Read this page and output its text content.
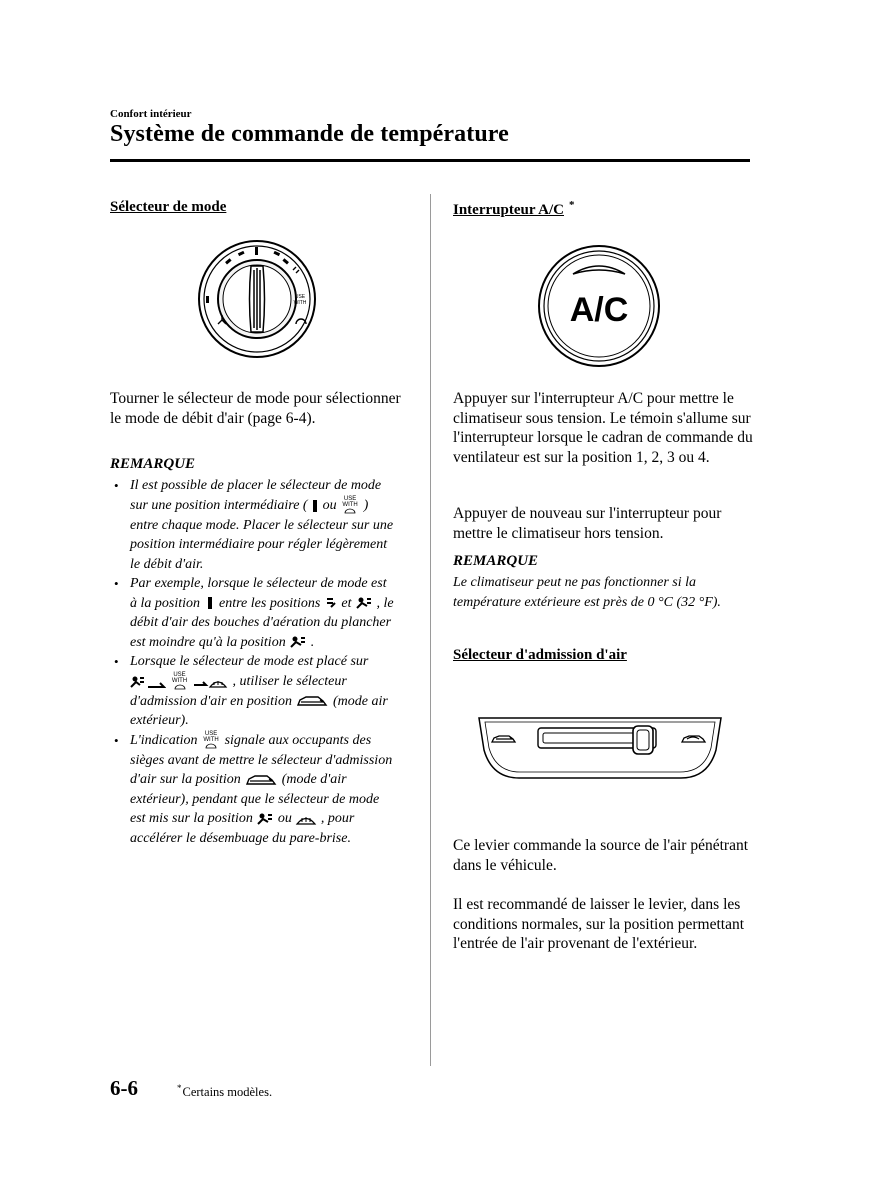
Confort intérieur
Système de commande de température
Sélecteur de mode
USE
WITH
Tourner le sélecteur de mode pour sélectionner le mode de débit d'air (page 6-4).
REMARQUE
• Il est possible de placer le sélecteur de mode sur une position intermédiaire ( ou	USE
WITH ) entre chaque mode. Placer le sélecteur sur une position intermédiaire pour régler légèrement le débit d'air.
• Par exemple, lorsque le sélecteur de mode est à la position entre les positions et , le débit d'air des bouches d'aération du plancher est moindre qu'à la position .
• Lorsque le sélecteur de mode est placé sur
USE
WITH	, utiliser le sélecteur d'admission d'air en position	(mode air extérieur).
• L'indication	USE
WITH signale aux occupants des sièges avant de mettre le sélecteur d'admission d'air sur la position	(mode d'air extérieur), pendant que le sélecteur de mode est mis sur la position ou , pour accélérer le désembuage du pare-brise.
Interrupteur A/C *
A/C
Appuyer sur l'interrupteur A/C pour mettre le climatiseur sous tension. Le témoin s'allume sur l'interrupteur lorsque le cadran de commande du ventilateur est sur la position 1, 2, 3 ou 4.
Appuyer de nouveau sur l'interrupteur pour mettre le climatiseur hors tension.
REMARQUE
Le climatiseur peut ne pas fonctionner si la température extérieure est près de 0 °C (32 °F).
Sélecteur d'admission d'air
Ce levier commande la source de l'air pénétrant dans le véhicule.
Il est recommandé de laisser le levier, dans les conditions normales, sur la position permettant l'entrée de l'air provenant de l'extérieur.
6-6	*Certains modèles.
